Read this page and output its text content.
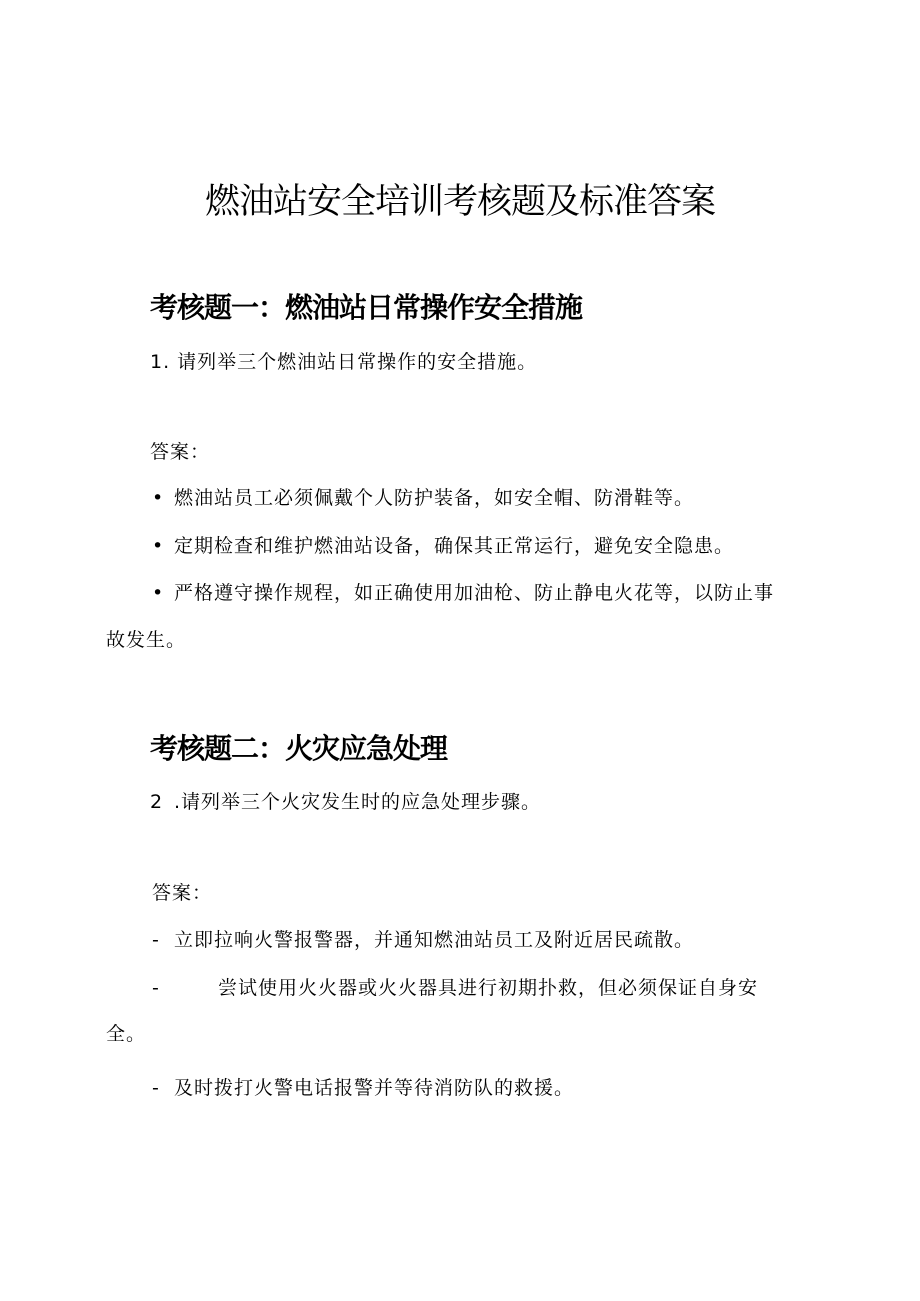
燃油站安全培训考核题及标准答案
考核题一：燃油站日常操作安全措施

1. 请列举三个燃油站日常操作的安全措施。

答案：

• 燃油站员工必须佩戴个人防护装备，如安全帽、防滑鞋等。

• 定期检查和维护燃油站设备，确保其正常运行，避免安全隐患。

• 严格遵守操作规程，如正确使用加油枪、防止静电火花等，以防止事

故发生。

考核题二：火灾应急处理

2 .请列举三个火灾发生时的应急处理步骤。

答案：

- 立即拉响火警报警器，并通知燃油站员工及附近居民疏散。

-	尝试使用火火器或火火器具进行初期扑救，但必须保证自身安

全。

- 及时拨打火警电话报警并等待消防队的救援。
